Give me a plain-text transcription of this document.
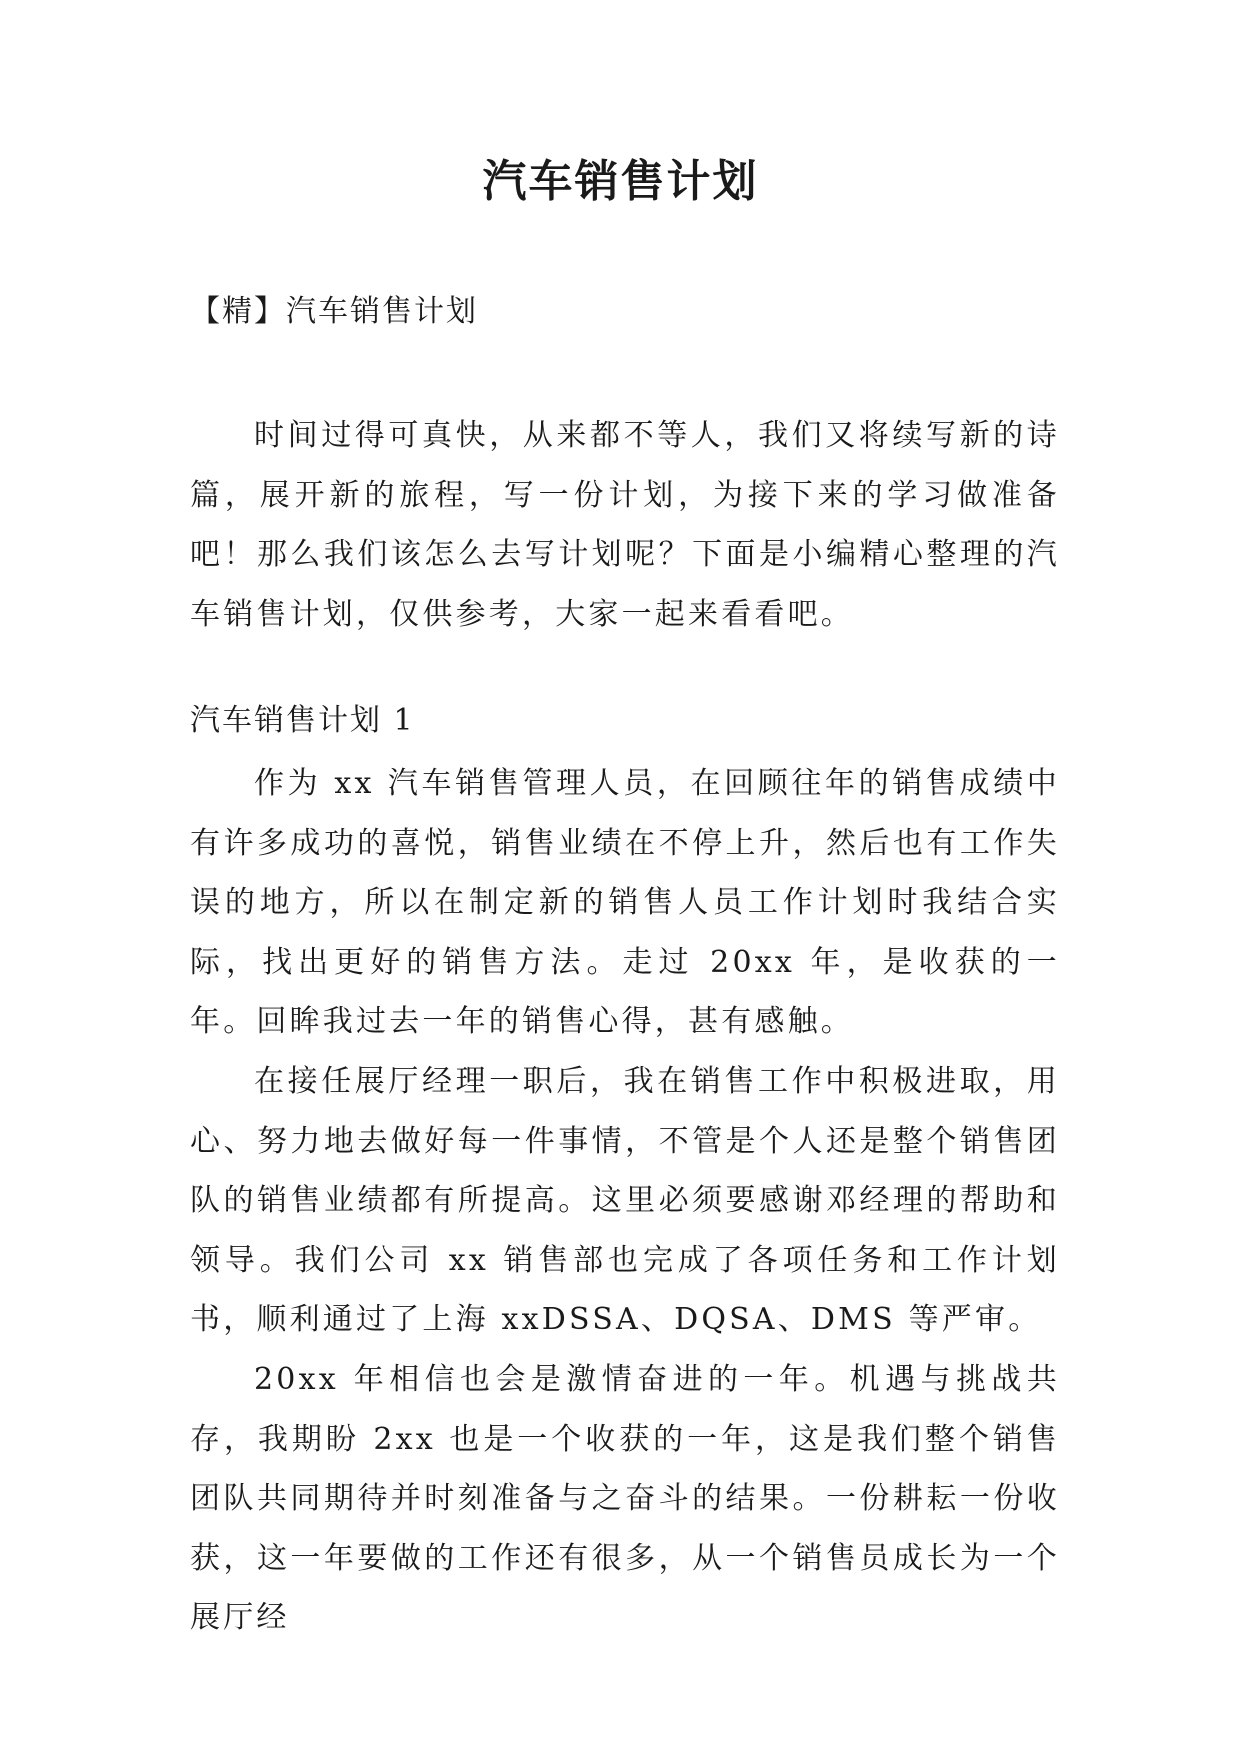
汽车销售计划
【精】汽车销售计划

时间过得可真快，从来都不等人，我们又将续写新的诗篇，展开新的旅程，写一份计划，为接下来的学习做准备吧！那么我们该怎么去写计划呢？下面是小编精心整理的汽车销售计划，仅供参考，大家一起来看看吧。

汽车销售计划 1

作为 xx 汽车销售管理人员，在回顾往年的销售成绩中有许多成功的喜悦，销售业绩在不停上升，然后也有工作失误的地方，所以在制定新的销售人员工作计划时我结合实际，找出更好的销售方法。走过 20xx 年，是收获的一年。回眸我过去一年的销售心得，甚有感触。

在接任展厅经理一职后，我在销售工作中积极进取，用心、努力地去做好每一件事情，不管是个人还是整个销售团队的销售业绩都有所提高。这里必须要感谢邓经理的帮助和领导。我们公司 xx 销售部也完成了各项任务和工作计划书，顺利通过了上海 xxDSSA、DQSA、DMS 等严审。

20xx 年相信也会是激情奋进的一年。机遇与挑战共存，我期盼 2xx 也是一个收获的一年，这是我们整个销售团队共同期待并时刻准备与之奋斗的结果。一份耕耘一份收获，这一年要做的工作还有很多，从一个销售员成长为一个展厅经
